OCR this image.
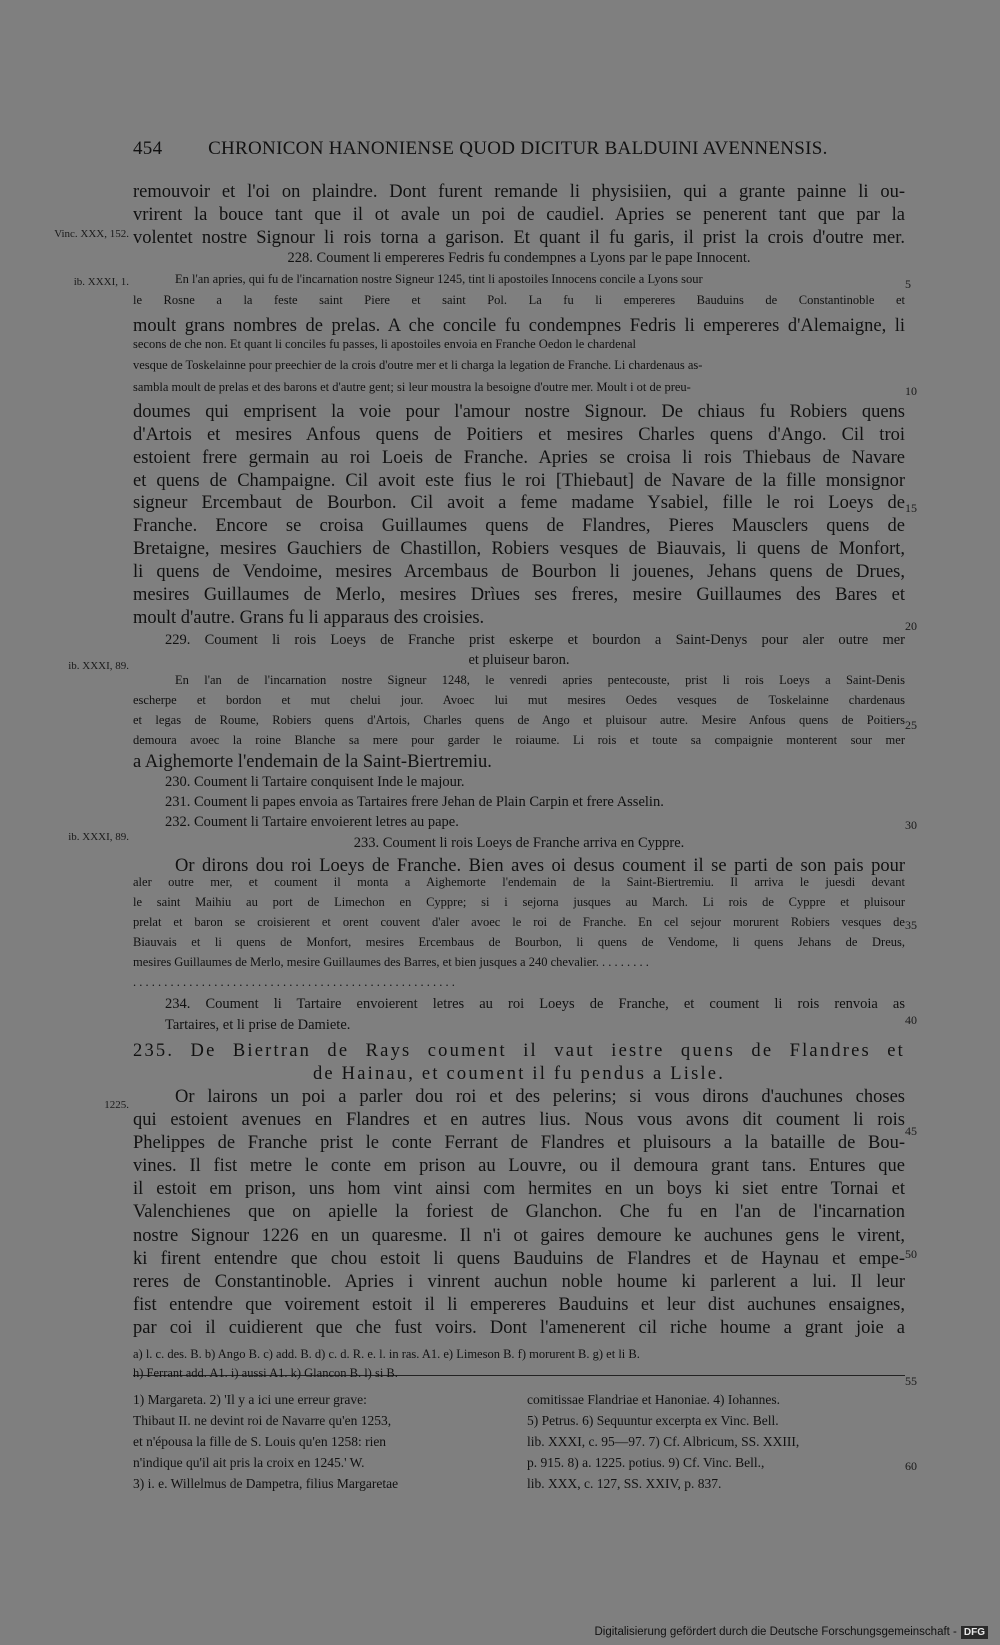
454 CHRONICON HANONIENSE QUOD DICITUR BALDUINI AVENNENSIS.
remouvoir et l'oi on plaindre. Dont furent remande li physisiien, qui a grante painne li ou-
vrirent la bouce tant que il ot avale un poi de caudiel. Apries se penerent tant que par la
volentet nostre Signour li rois torna a garison. Et quant il fu garis, il prist la crois d'outre mer.
228. Coument li empereres Fedris fu condempnes a Lyons par le pape Innocent.
En l'an apries, qui fu de l'incarnation nostre Signeur 1245, tint li apostoiles Innocens concile a Lyons sour
le Rosne a la feste saint Piere et saint Pol. La fu li empereres Bauduins de Constantinoble et
moult grans nombres de prelas. A che concile fu condempnes Fedris li empereres d'Alemaigne, li
secons de che non. Et quant li conciles fu passes, li apostoiles envoia en Franche Oedon le chardenal
vesque de Toskelainne pour preechier de la crois d'outre mer et li charga la legation de Franche. Li chardenaus as-
sambla moult de prelas et des barons et d'autre gent; si leur moustra la besoigne d'outre mer. Moult i ot de preu-
doumes qui emprisent la voie pour l'amour nostre Signour. De chiaus fu Robiers quens
d'Artois et mesires Anfous quens de Poitiers et mesires Charles quens d'Ango. Cil troi
estoient frere germain au roi Loeis de Franche. Apries se croisa li rois Thiebaus de Navare
et quens de Champaigne. Cil avoit este fius le roi [Thiebaut] de Navare de la fille monsignor
signeur Ercembaut de Bourbon. Cil avoit a feme madame Ysabiel, fille le roi Loeys de
Franche. Encore se croisa Guillaumes quens de Flandres, Pieres Mausclers quens de
Bretaigne, mesires Gauchiers de Chastillon, Robiers vesques de Biauvais, li quens de Monfort,
li quens de Vendoime, mesires Arcembaus de Bourbon li jouenes, Jehans quens de Drues,
mesires Guillaumes de Merlo, mesires Drìues ses freres, mesire Guillaumes des Bares et
moult d'autre. Grans fu li apparaus des croisies.
229. Coument li rois Loeys de Franche prist eskerpe et bourdon a Saint-Denys pour aler outre mer
et pluiseur baron.
En l'an de l'incarnation nostre Signeur 1248, le venredi apries pentecouste, prist li rois Loeys a Saint-Denis
escherpe et bordon et mut chelui jour. Avoec lui mut mesires Oedes vesques de Toskelainne chardenaus
et legas de Roume, Robiers quens d'Artois, Charles quens de Ango et pluisour autre. Mesire Anfous quens de Poitiers
demoura avoec la roine Blanche sa mere pour garder le roiaume. Li rois et toute sa compaignie monterent sour mer
a Aighemorte l'endemain de la Saint-Biertremiu.
230. Coument li Tartaire conquisent Inde le majour.
231. Coument li papes envoia as Tartaires frere Jehan de Plain Carpin et frere Asselin.
232. Coument li Tartaire envoierent letres au pape.
233. Coument li rois Loeys de Franche arriva en Cyppre.
Or dirons dou roi Loeys de Franche. Bien aves oi desus coument il se parti de son pais pour
aler outre mer, et coument il monta a Aighemorte l'endemain de la Saint-Biertremiu. Il arriva le juesdi devant
le saint Maihiu au port de Limechon en Cyppre; si i sejorna jusques au March. Li rois de Cyppre et pluisour
prelat et baron se croisierent et orent couvent d'aler avoec le roi de Franche. En cel sejour morurent Robiers vesques de
Biauvais et li quens de Monfort, mesires Ercembaus de Bourbon, li quens de Vendome, li quens Jehans de Dreus,
mesires Guillaumes de Merlo, mesire Guillaumes des Barres, et bien jusques a 240 chevalier. . . . . . . . .
. . . . . . . . . . . . . . . . . . . . . . . . . . . . . . . . . . . . . . . . . . . . . . . . . . . .
234. Coument li Tartaire envoierent letres au roi Loeys de Franche, et coument li rois renvoia as
Tartaires, et li prise de Damiete.
235. De Biertran de Rays coument il vaut iestre quens de Flandres et
de Hainau, et coument il fu pendus a Lisle.
Or lairons un poi a parler dou roi et des pelerins; si vous dirons d'auchunes choses
qui estoient avenues en Flandres et en autres lius. Nous vous avons dit coument li rois
Phelippes de Franche prist le conte Ferrant de Flandres et pluisours a la bataille de Bou-
vines. Il fist metre le conte em prison au Louvre, ou il demoura grant tans. Entures que
il estoit em prison, uns hom vint ainsi com hermites en un boys ki siet entre Tornai et
Valenchienes que on apielle la foriest de Glanchon. Che fu en l'an de l'incarnation
nostre Signour 1226 en un quaresme. Il n'i ot gaires demoure ke auchunes gens le virent,
ki firent entendre que chou estoit li quens Bauduins de Flandres et de Haynau et empe-
reres de Constantinoble. Apries i vinrent auchun noble houme ki parlerent a lui. Il leur
fist entendre que voirement estoit il li empereres Bauduins et leur dist auchunes ensaignes,
par coi il cuidierent que che fust voirs. Dont l'amenerent cil riche houme a grant joie a
Vinc. XXX, 152.
ib. XXXI, 1.
ib. XXXI, 89.
ib. XXXI, 89.
1225.
5
10
15
20
25
30
35
40
45
50
55
60
a) l. c. des. B. b) Ango B. c) add. B. d) c. d. R. e. l. in ras. A1. e) Limeson B. f) morurent B. g) et li B.
h) Ferrant add. A1. i) aussi A1. k) Glancon B. l) si B.
1) Margareta. 2) 'Il y a ici une erreur grave:
Thibaut II. ne devint roi de Navarre qu'en 1253,
et n'épousa la fille de S. Louis qu'en 1258: rien
n'indique qu'il ait pris la croix en 1245.' W.
3) i. e. Willelmus de Dampetra, filius Margaretae
comitissae Flandriae et Hanoniae. 4) Iohannes.
5) Petrus. 6) Sequuntur excerpta ex Vinc. Bell.
lib. XXXI, c. 95—97. 7) Cf. Albricum, SS. XXIII,
p. 915. 8) a. 1225. potius. 9) Cf. Vinc. Bell.,
lib. XXX, c. 127, SS. XXIV, p. 837.
Digitalisierung gefördert durch die Deutsche Forschungsgemeinschaft - DFG
